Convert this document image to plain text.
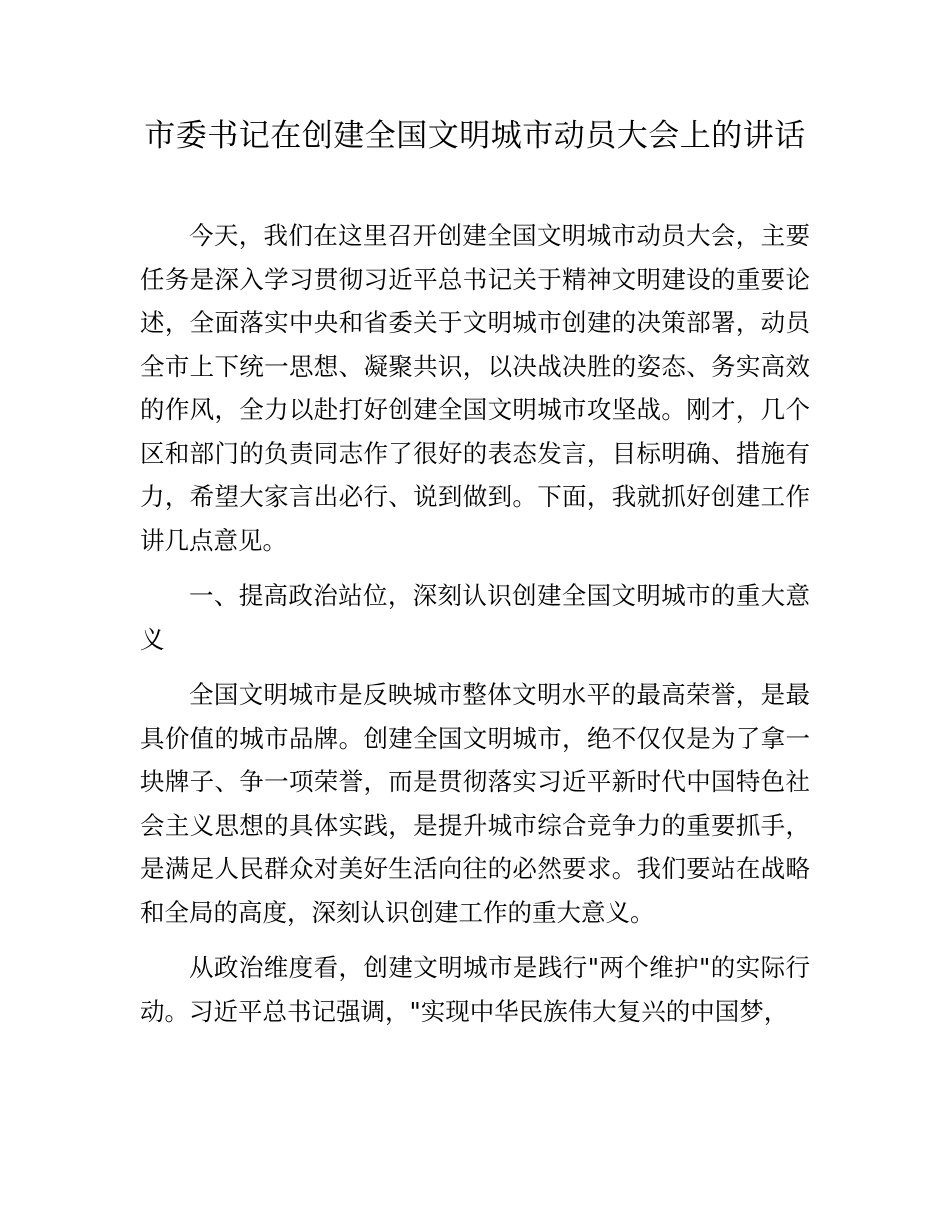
市委书记在创建全国文明城市动员大会上的讲话

今天，我们在这里召开创建全国文明城市动员大会，主要任务是深入学习贯彻习近平总书记关于精神文明建设的重要论述，全面落实中央和省委关于文明城市创建的决策部署，动员全市上下统一思想、凝聚共识，以决战决胜的姿态、务实高效的作风，全力以赴打好创建全国文明城市攻坚战。刚才，几个区和部门的负责同志作了很好的表态发言，目标明确、措施有力，希望大家言出必行、说到做到。下面，我就抓好创建工作讲几点意见。

一、提高政治站位，深刻认识创建全国文明城市的重大意义

全国文明城市是反映城市整体文明水平的最高荣誉，是最具价值的城市品牌。创建全国文明城市，绝不仅仅是为了拿一块牌子、争一项荣誉，而是贯彻落实习近平新时代中国特色社会主义思想的具体实践，是提升城市综合竞争力的重要抓手，是满足人民群众对美好生活向往的必然要求。我们要站在战略和全局的高度，深刻认识创建工作的重大意义。

从政治维度看，创建文明城市是践行"两个维护"的实际行动。习近平总书记强调，"实现中华民族伟大复兴的中国梦，
